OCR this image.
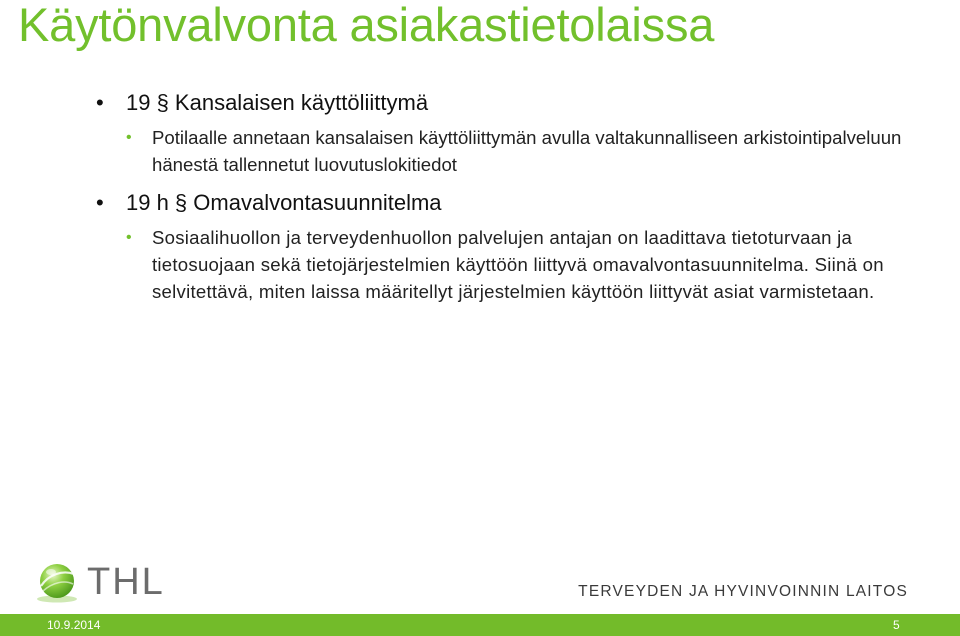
Käytönvalvonta asiakastietolaissa
• 19 § Kansalaisen käyttöliittymä
• Potilaalle annetaan kansalaisen käyttöliittymän avulla valtakunnalliseen arkistointipalveluun hänestä tallennetut luovutuslokitiedot
• 19 h § Omavalvontasuunnitelma
• Sosiaalihuollon ja terveydenhuollon palvelujen antajan on laadittava tietoturvaan ja tietosuojaan sekä tietojärjestelmien käyttöön liittyvä omavalvontasuunnitelma. Siinä on selvitettävä, miten laissa määritellyt järjestelmien käyttöön liittyvät asiat varmistetaan.
THL	TERVEYDEN JA HYVINVOINNIN LAITOS
10.9.2014	5
